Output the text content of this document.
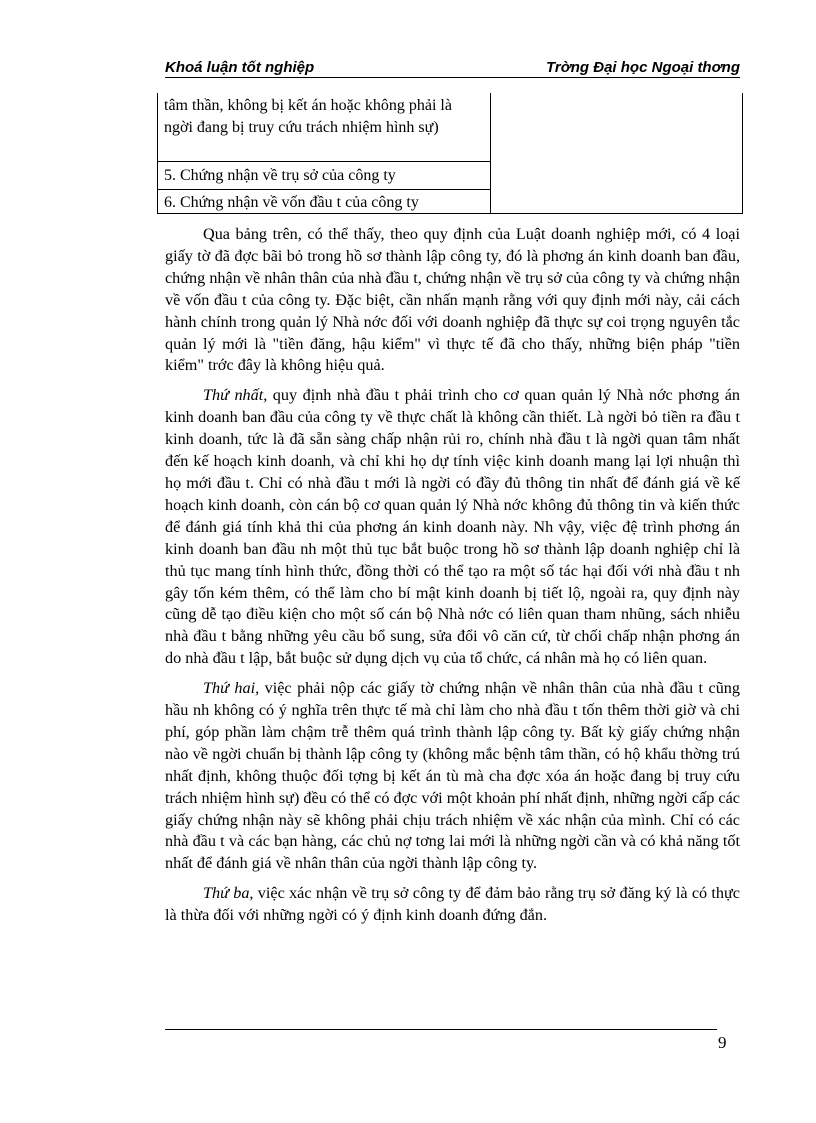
Khoá luận tốt nghiệp	Trờng Đại học Ngoại thơng
tâm thần, không bị kết án hoặc không phải là ngời đang bị truy cứu trách nhiệm hình sự)
5. Chứng nhận về trụ sở của công ty
6. Chứng nhận về vốn đầu t của công ty

Qua bảng trên, có thể thấy, theo quy định của Luật doanh nghiệp mới, có 4 loại giấy tờ đã đợc bãi bỏ trong hồ sơ thành lập công ty, đó là phơng án kinh doanh ban đầu, chứng nhận về nhân thân của nhà đầu t, chứng nhận về trụ sở của công ty và chứng nhận về vốn đầu t của công ty. Đặc biệt, cần nhấn mạnh rằng với quy định mới này, cải cách hành chính trong quản lý Nhà nớc đối với doanh nghiệp đã thực sự coi trọng nguyên tắc quản lý mới là "tiền đăng, hậu kiểm" vì thực tế đã cho thấy, những biện pháp "tiền kiểm" trớc đây là không hiệu quả.

Thứ nhất, quy định nhà đầu t phải trình cho cơ quan quản lý Nhà nớc phơng án kinh doanh ban đầu của công ty về thực chất là không cần thiết. Là ngời bỏ tiền ra đầu t kinh doanh, tức là đã sẵn sàng chấp nhận rủi ro, chính nhà đầu t là ngời quan tâm nhất đến kế hoạch kinh doanh, và chỉ khi họ dự tính việc kinh doanh mang lại lợi nhuận thì họ mới đầu t. Chỉ có nhà đầu t mới là ngời có đầy đủ thông tin nhất để đánh giá về kế hoạch kinh doanh, còn cán bộ cơ quan quản lý Nhà nớc không đủ thông tin và kiến thức để đánh giá tính khả thi của phơng án kinh doanh này. Nh vậy, việc đệ trình phơng án kinh doanh ban đầu nh một thủ tục bắt buộc trong hồ sơ thành lập doanh nghiệp chỉ là thủ tục mang tính hình thức, đồng thời có thể tạo ra một số tác hại đối với nhà đầu t nh gây tốn kém thêm, có thể làm cho bí mật kinh doanh bị tiết lộ, ngoài ra, quy định này cũng dễ tạo điều kiện cho một số cán bộ Nhà nớc có liên quan tham nhũng, sách nhiễu nhà đầu t bằng những yêu cầu bổ sung, sửa đổi vô căn cứ, từ chối chấp nhận phơng án do nhà đầu t lập, bắt buộc sử dụng dịch vụ của tổ chức, cá nhân mà họ có liên quan.

Thứ hai, việc phải nộp các giấy tờ chứng nhận về nhân thân của nhà đầu t cũng hầu nh không có ý nghĩa trên thực tế mà chỉ làm cho nhà đầu t tốn thêm thời giờ và chi phí, góp phần làm chậm trễ thêm quá trình thành lập công ty. Bất kỳ giấy chứng nhận nào về ngời chuẩn bị thành lập công ty (không mắc bệnh tâm thần, có hộ khẩu thờng trú nhất định, không thuộc đối tợng bị kết án tù mà cha đợc xóa án hoặc đang bị truy cứu trách nhiệm hình sự) đều có thể có đợc với một khoản phí nhất định, những ngời cấp các giấy chứng nhận này sẽ không phải chịu trách nhiệm về xác nhận của mình. Chỉ có các nhà đầu t và các bạn hàng, các chủ nợ tơng lai mới là những ngời cần và có khả năng tốt nhất để đánh giá về nhân thân của ngời thành lập công ty.

Thứ ba, việc xác nhận về trụ sở công ty để đảm bảo rằng trụ sở đăng ký là có thực là thừa đối với những ngời có ý định kinh doanh đứng đắn.

9
